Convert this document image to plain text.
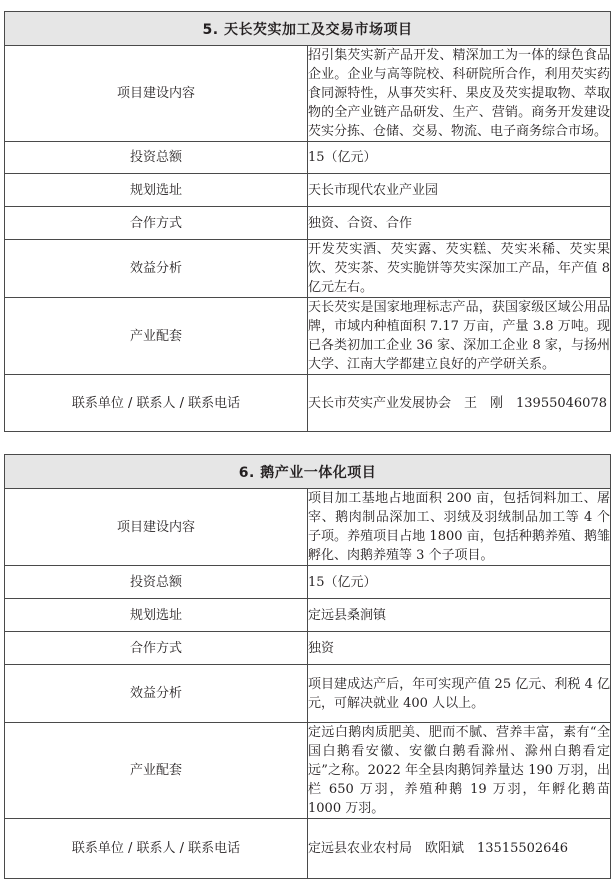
5. 天长芡实加工及交易市场项目	
项目建设内容	招引集芡实新产品开发、精深加工为一体的绿色食品企业。企业与高等院校、科研院所合作，利用芡实药食同源特性，从事芡实秆、果皮及芡实提取物、萃取物的全产业链产品研发、生产、营销。商务开发建设芡实分拣、仓储、交易、物流、电子商务综合市场。
投资总额	15（亿元）
规划选址	天长市现代农业产业园
合作方式	独资、合资、合作
效益分析	开发芡实酒、芡实露、芡实糕、芡实米稀、芡实果饮、芡实茶、芡实脆饼等芡实深加工产品，年产值 8 亿元左右。
产业配套	天长芡实是国家地理标志产品，获国家级区域公用品牌，市域内种植面积 7.17 万亩，产量 3.8 万吨。现已各类初加工企业 36 家、深加工企业 8 家，与扬州大学、江南大学都建立良好的产学研关系。
联系单位 / 联系人 / 联系电话	天长市芡实产业发展协会　王　刚　13955046078
6. 鹅产业一体化项目	
项目建设内容	项目加工基地占地面积 200 亩，包括饲料加工、屠宰、鹅肉制品深加工、羽绒及羽绒制品加工等 4 个子项。养殖项目占地 1800 亩，包括种鹅养殖、鹅雏孵化、肉鹅养殖等 3 个子项目。
投资总额	15（亿元）
规划选址	定远县桑涧镇
合作方式	独资
效益分析	项目建成达产后，年可实现产值 25 亿元、利税 4 亿元，可解决就业 400 人以上。
产业配套	定远白鹅肉质肥美、肥而不腻、营养丰富，素有“全国白鹅看安徽、安徽白鹅看滁州、滁州白鹅看定远”之称。2022 年全县肉鹅饲养量达 190 万羽，出栏 650 万羽，养殖种鹅 19 万羽，年孵化鹅苗 1000 万羽。
联系单位 / 联系人 / 联系电话	定远县农业农村局　欧阳斌　13515502646
